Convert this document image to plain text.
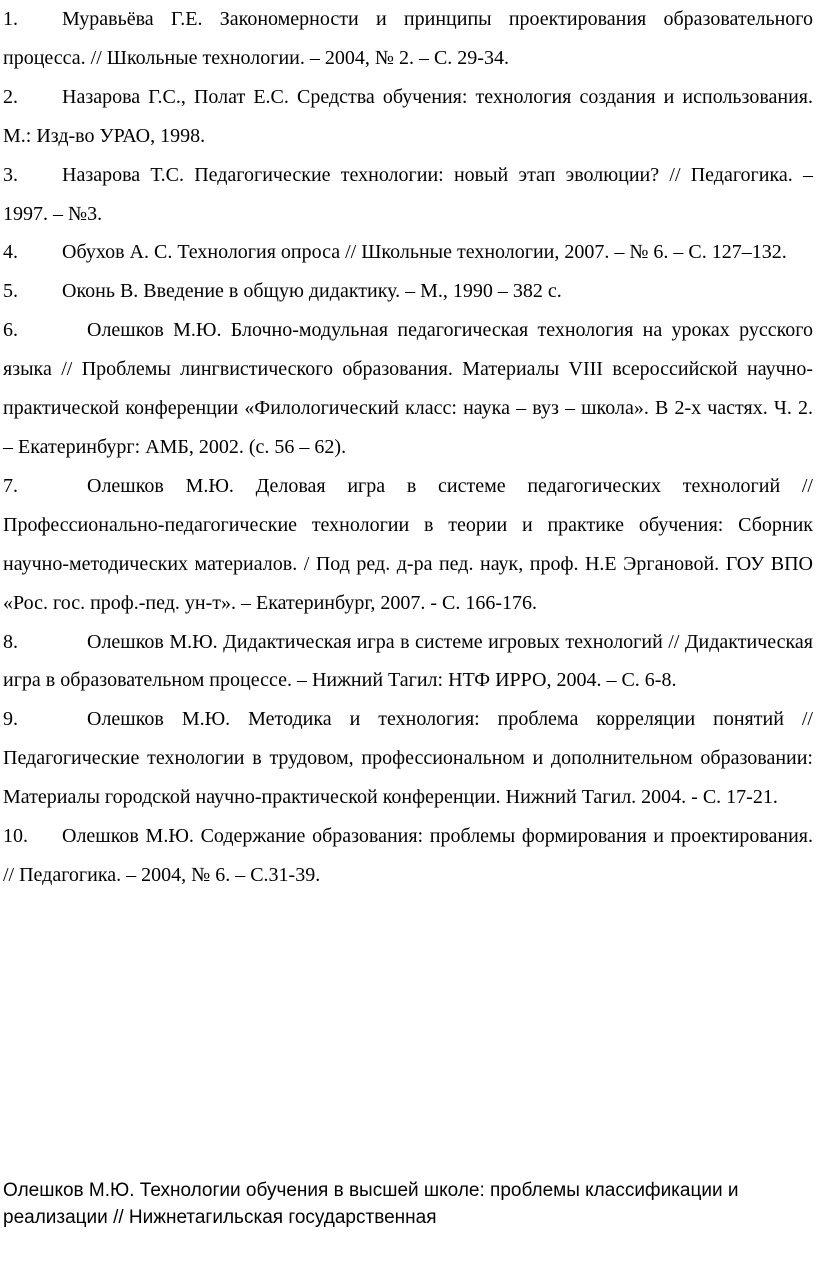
1. Муравьёва Г.Е. Закономерности и принципы проектирования образовательного процесса. // Школьные технологии. – 2004, № 2. – С. 29-34.
2. Назарова Г.С., Полат Е.С. Средства обучения: технология создания и использования. М.: Изд-во УРАО, 1998.
3. Назарова Т.С. Педагогические технологии: новый этап эволюции? // Педагогика. – 1997. – №3.
4. Обухов А. С. Технология опроса // Школьные технологии, 2007. – № 6. – С. 127–132.
5. Оконь В. Введение в общую дидактику. – М., 1990 – 382 с.
6.	Олешков М.Ю. Блочно-модульная педагогическая технология на уроках русского языка // Проблемы лингвистического образования. Материалы VIII всероссийской научно-практической конференции «Филологический класс: наука – вуз – школа». В 2-х частях. Ч. 2. – Екатеринбург: АМБ, 2002. (с. 56 – 62).
7.	Олешков М.Ю. Деловая игра в системе педагогических технологий // Профессионально-педагогические технологии в теории и практике обучения: Сборник научно-методических материалов. / Под ред. д-ра пед. наук, проф. Н.Е Эргановой. ГОУ ВПО «Рос. гос. проф.-пед. ун-т». – Екатеринбург, 2007. - С. 166-176.
8.	Олешков М.Ю. Дидактическая игра в системе игровых технологий // Дидактическая игра в образовательном процессе. – Нижний Тагил: НТФ ИРРО, 2004. – С. 6-8.
9.	Олешков М.Ю. Методика и технология: проблема корреляции понятий // Педагогические технологии в трудовом, профессиональном и дополнительном образовании: Материалы городской научно-практической конференции. Нижний Тагил. 2004. - С. 17-21.
10. Олешков М.Ю. Содержание образования: проблемы формирования и проектирования. // Педагогика. – 2004, № 6. – С.31-39.

Олешков М.Ю. Технологии обучения в высшей школе: проблемы классификации и реализации // Нижнетагильская государственная
